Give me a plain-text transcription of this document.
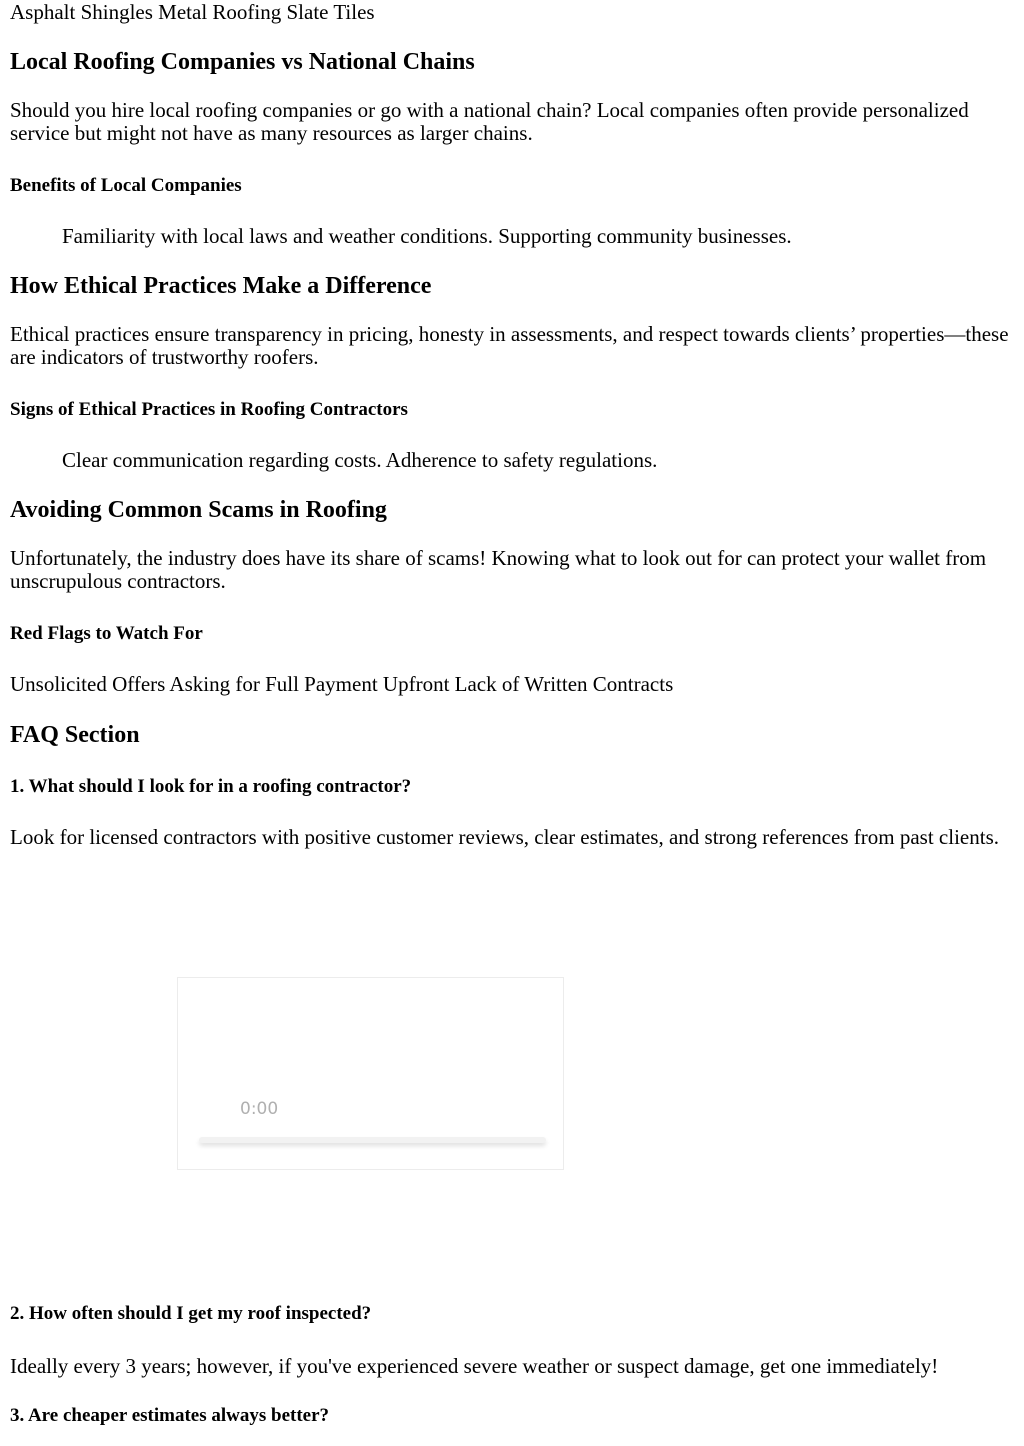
Asphalt Shingles Metal Roofing Slate Tiles

Local Roofing Companies vs National Chains

Should you hire local roofing companies or go with a national chain? Local companies often provide personalized service but might not have as many resources as larger chains.

Benefits of Local Companies

Familiarity with local laws and weather conditions. Supporting community businesses.

How Ethical Practices Make a Difference

Ethical practices ensure transparency in pricing, honesty in assessments, and respect towards clients’ properties—these are indicators of trustworthy roofers.

Signs of Ethical Practices in Roofing Contractors

Clear communication regarding costs. Adherence to safety regulations.

Avoiding Common Scams in Roofing

Unfortunately, the industry does have its share of scams! Knowing what to look out for can protect your wallet from unscrupulous contractors.

Red Flags to Watch For

Unsolicited Offers Asking for Full Payment Upfront Lack of Written Contracts

FAQ Section
1. What should I look for in a roofing contractor?

Look for licensed contractors with positive customer reviews, clear estimates, and strong references from past clients.

0:00
2. How often should I get my roof inspected?

Ideally every 3 years; however, if you've experienced severe weather or suspect damage, get one immediately!

3. Are cheaper estimates always better?
